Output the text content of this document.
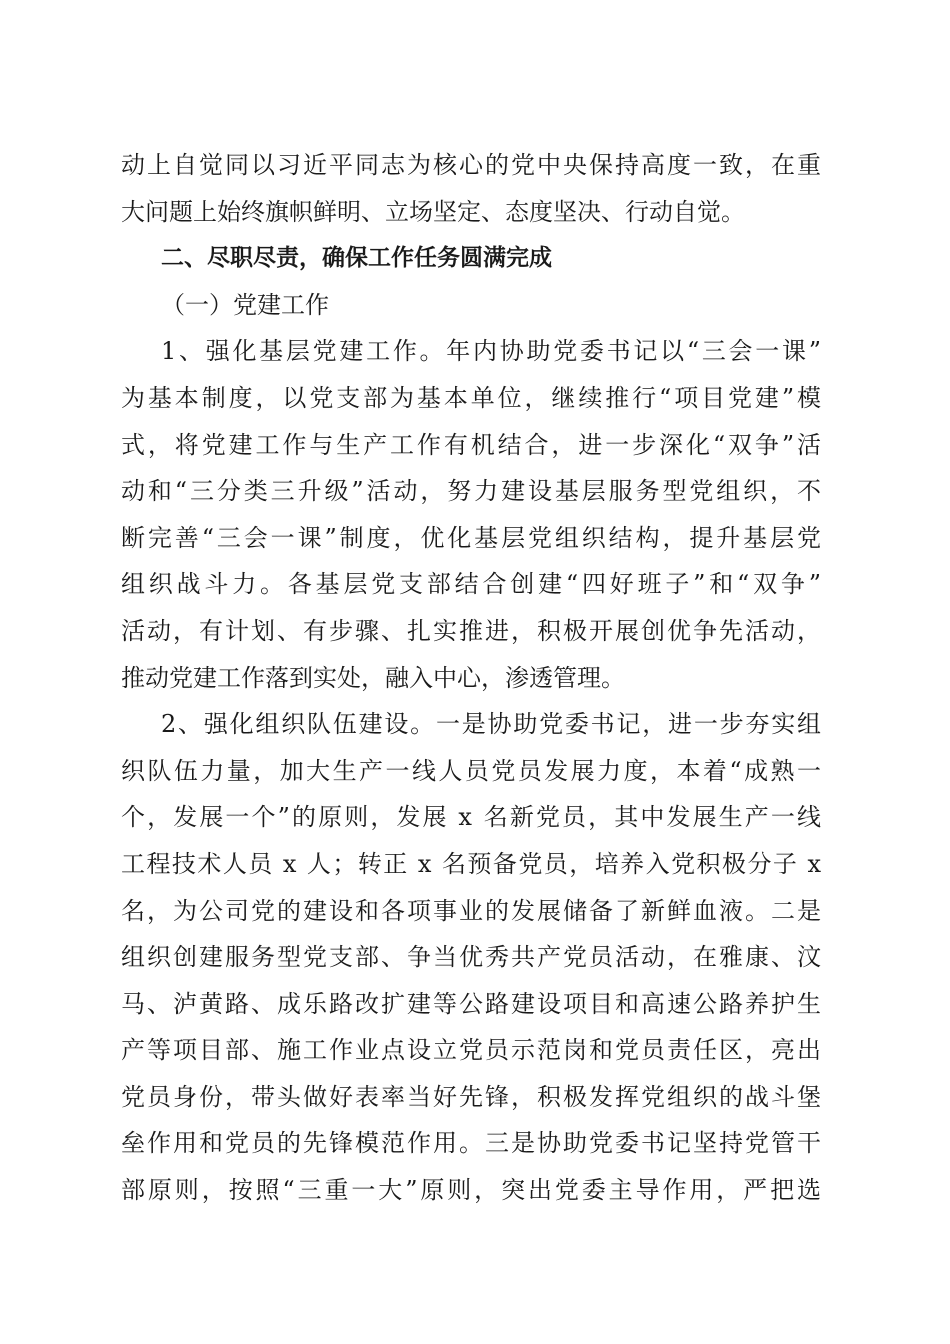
动上自觉同以习近平同志为核心的党中央保持高度一致，在重
大问题上始终旗帜鲜明、立场坚定、态度坚决、行动自觉。
二、尽职尽责，确保工作任务圆满完成
（一）党建工作
1、强化基层党建工作。年内协助党委书记以“三会一课”
为基本制度，以党支部为基本单位，继续推行“项目党建”模
式，将党建工作与生产工作有机结合，进一步深化“双争”活
动和“三分类三升级”活动，努力建设基层服务型党组织，不
断完善“三会一课”制度，优化基层党组织结构，提升基层党
组织战斗力。各基层党支部结合创建“四好班子”和“双争”
活动，有计划、有步骤、扎实推进，积极开展创优争先活动，
推动党建工作落到实处，融入中心，渗透管理。
2、强化组织队伍建设。一是协助党委书记，进一步夯实组
织队伍力量，加大生产一线人员党员发展力度，本着“成熟一
个，发展一个”的原则，发展 x 名新党员，其中发展生产一线
工程技术人员 x 人；转正 x 名预备党员，培养入党积极分子 x
名，为公司党的建设和各项事业的发展储备了新鲜血液。二是
组织创建服务型党支部、争当优秀共产党员活动，在雅康、汶
马、泸黄路、成乐路改扩建等公路建设项目和高速公路养护生
产等项目部、施工作业点设立党员示范岗和党员责任区，亮出
党员身份，带头做好表率当好先锋，积极发挥党组织的战斗堡
垒作用和党员的先锋模范作用。三是协助党委书记坚持党管干
部原则，按照“三重一大”原则，突出党委主导作用，严把选
